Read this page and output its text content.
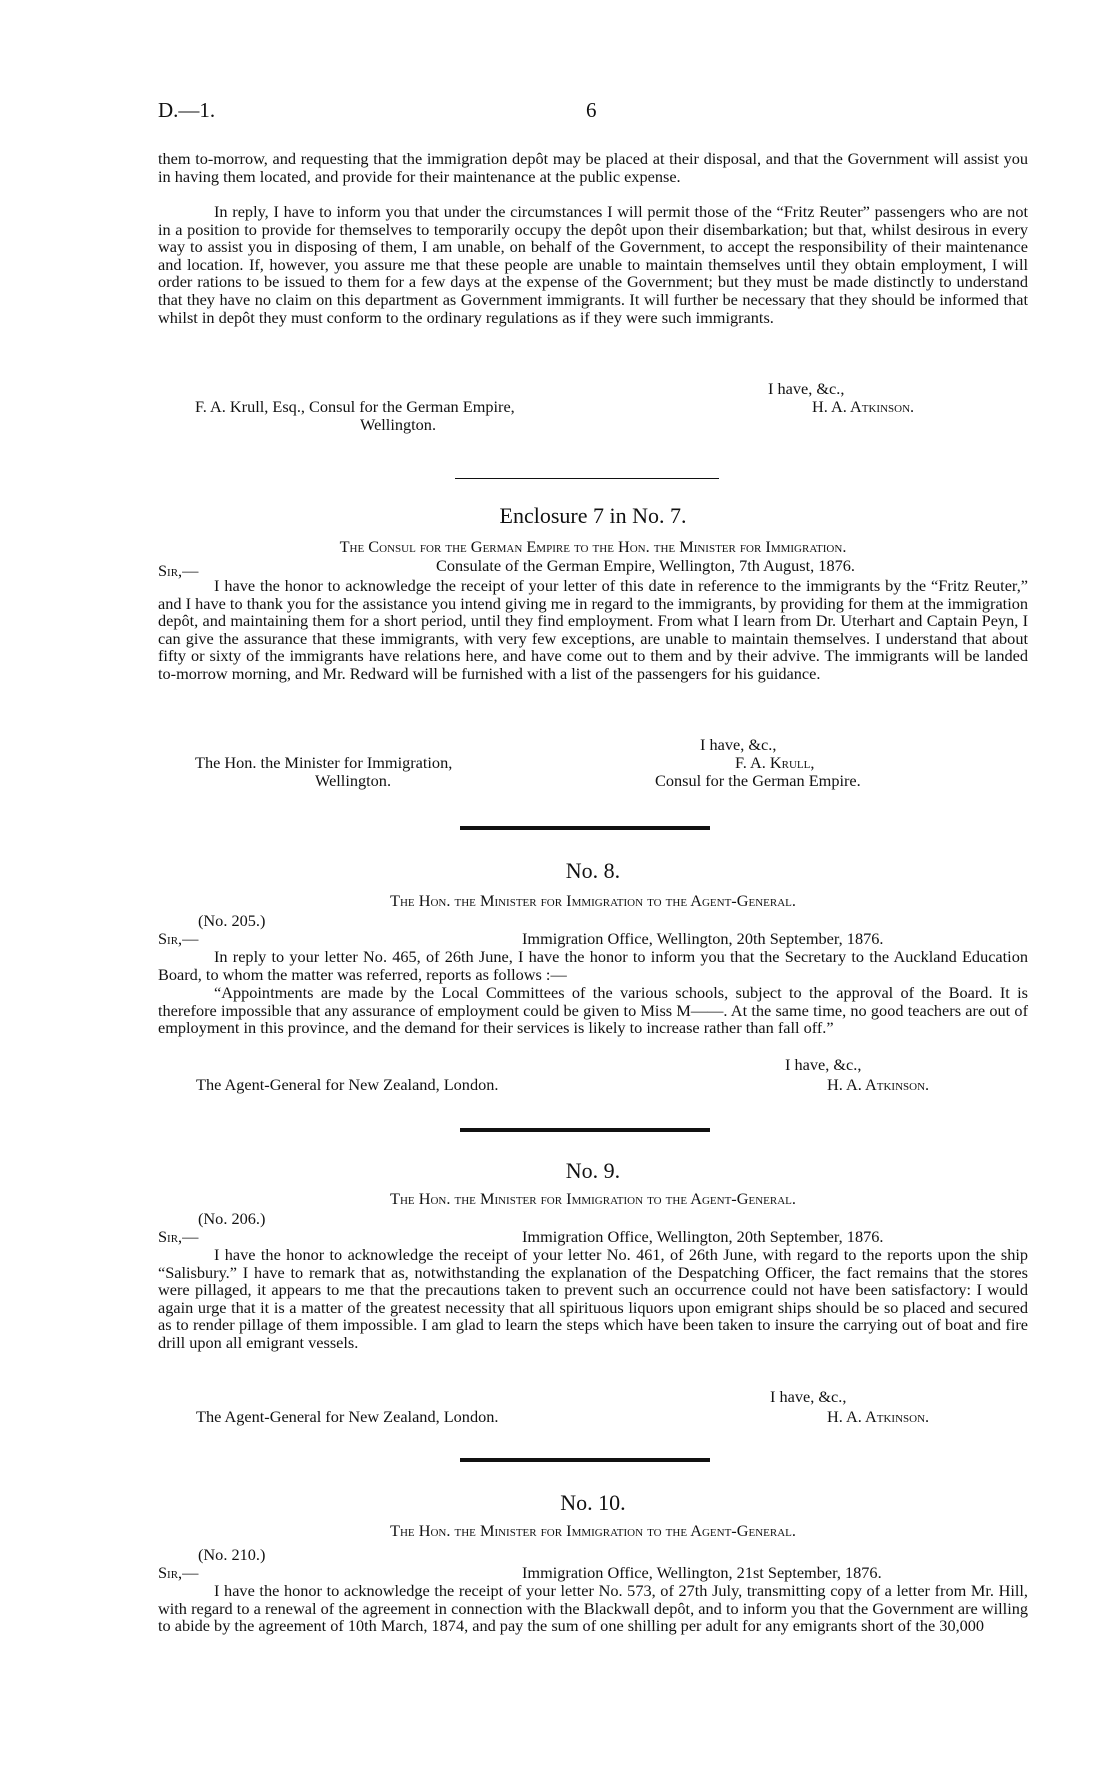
D.—1.	6

them to-morrow, and requesting that the immigration depôt may be placed at their disposal, and that the Government will assist you in having them located, and provide for their maintenance at the public expense.

In reply, I have to inform you that under the circumstances I will permit those of the “Fritz Reuter” passengers who are not in a position to provide for themselves to temporarily occupy the depôt upon their disembarkation; but that, whilst desirous in every way to assist you in disposing of them, I am unable, on behalf of the Government, to accept the responsibility of their maintenance and location. If, however, you assure me that these people are unable to maintain themselves until they obtain employment, I will order rations to be issued to them for a few days at the expense of the Government; but they must be made distinctly to understand that they have no claim on this department as Government immigrants. It will further be necessary that they should be informed that whilst in depôt they must conform to the ordinary regulations as if they were such immigrants.

I have, &c.,
F. A. Krull, Esq., Consul for the German Empire,	H. A. Atkinson.
Wellington.
Enclosure 7 in No. 7.
The Consul for the German Empire to the Hon. the Minister for Immigration.
Sir,—	Consulate of the German Empire, Wellington, 7th August, 1876.

I have the honor to acknowledge the receipt of your letter of this date in reference to the immigrants by the “Fritz Reuter,” and I have to thank you for the assistance you intend giving me in regard to the immigrants, by providing for them at the immigration depôt, and maintaining them for a short period, until they find employment. From what I learn from Dr. Uterhart and Captain Peyn, I can give the assurance that these immigrants, with very few exceptions, are unable to maintain themselves. I understand that about fifty or sixty of the immigrants have relations here, and have come out to them and by their advive. The immigrants will be landed to-morrow morning, and Mr. Redward will be furnished with a list of the passengers for his guidance.

I have, &c.,
The Hon. the Minister for Immigration,	F. A. Krull,
Wellington.	Consul for the German Empire.
No. 8.
The Hon. the Minister for Immigration to the Agent-General.
(No. 205.)
Sir,—	Immigration Office, Wellington, 20th September, 1876.

In reply to your letter No. 465, of 26th June, I have the honor to inform you that the Secretary to the Auckland Education Board, to whom the matter was referred, reports as follows :—

“Appointments are made by the Local Committees of the various schools, subject to the approval of the Board. It is therefore impossible that any assurance of employment could be given to Miss M——. At the same time, no good teachers are out of employment in this province, and the demand for their services is likely to increase rather than fall off.”

I have, &c.,
The Agent-General for New Zealand, London.	H. A. Atkinson.
No. 9.
The Hon. the Minister for Immigration to the Agent-General.
(No. 206.)
Sir,—	Immigration Office, Wellington, 20th September, 1876.

I have the honor to acknowledge the receipt of your letter No. 461, of 26th June, with regard to the reports upon the ship “Salisbury.” I have to remark that as, notwithstanding the explanation of the Despatching Officer, the fact remains that the stores were pillaged, it appears to me that the precautions taken to prevent such an occurrence could not have been satisfactory: I would again urge that it is a matter of the greatest necessity that all spirituous liquors upon emigrant ships should be so placed and secured as to render pillage of them impossible. I am glad to learn the steps which have been taken to insure the carrying out of boat and fire drill upon all emigrant vessels.

I have, &c.,
The Agent-General for New Zealand, London.	H. A. Atkinson.
No. 10.
The Hon. the Minister for Immigration to the Agent-General.
(No. 210.)
Sir,—	Immigration Office, Wellington, 21st September, 1876.

I have the honor to acknowledge the receipt of your letter No. 573, of 27th July, transmitting copy of a letter from Mr. Hill, with regard to a renewal of the agreement in connection with the Blackwall depôt, and to inform you that the Government are willing to abide by the agreement of 10th March, 1874, and pay the sum of one shilling per adult for any emigrants short of the 30,000
